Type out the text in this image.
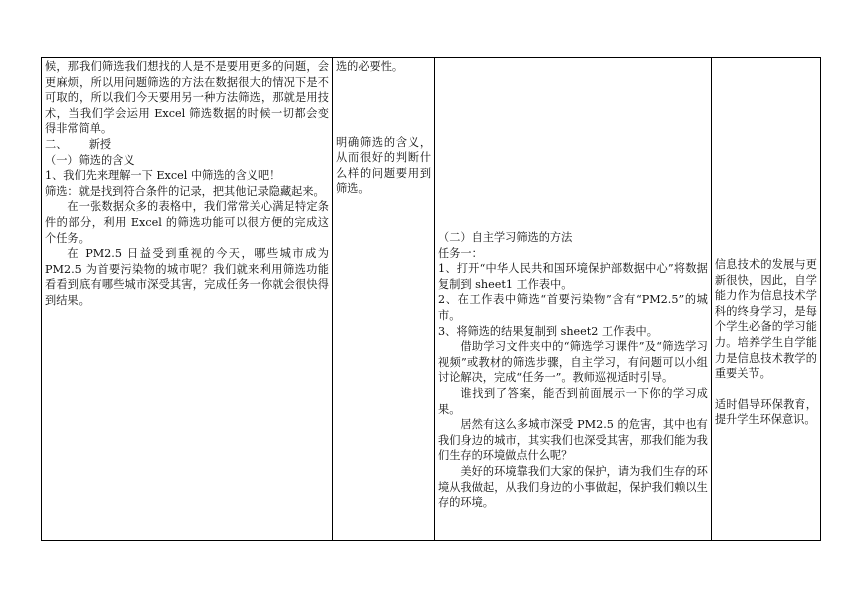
候，那我们筛选我们想找的人是不是要用更多的问题，会更麻烦，所以用问题筛选的方法在数据很大的情况下是不可取的，所以我们今天要用另一种方法筛选，那就是用技术，当我们学会运用 Excel 筛选数据的时候一切都会变得非常简单。
二、 新授
（一）筛选的含义
1、我们先来理解一下 Excel 中筛选的含义吧！
筛选：就是找到符合条件的记录，把其他记录隐藏起来。
在一张数据众多的表格中，我们常常关心满足特定条件的部分，利用 Excel 的筛选功能可以很方便的完成这个任务。
在 PM2.5 日益受到重视的今天，哪些城市成为 PM2.5 为首要污染物的城市呢？我们就来利用筛选功能看看到底有哪些城市深受其害，完成任务一你就会很快得到结果。

选的必要性。
明确筛选的含义，从而很好的判断什么样的问题要用到筛选。

（二）自主学习筛选的方法
任务一：
1、打开“中华人民共和国环境保护部数据中心”将数据复制到 sheet1 工作表中。
2、在工作表中筛选“首要污染物”含有“PM2.5”的城市。
3、将筛选的结果复制到 sheet2 工作表中。
借助学习文件夹中的“筛选学习课件”及“筛选学习视频”或教材的筛选步骤，自主学习，有问题可以小组讨论解决，完成“任务一”。教师巡视适时引导。
谁找到了答案，能否到前面展示一下你的学习成果。
居然有这么多城市深受 PM2.5 的危害，其中也有我们身边的城市，其实我们也深受其害，那我们能为我们生存的环境做点什么呢？
美好的环境靠我们大家的保护，请为我们生存的环境从我做起，从我们身边的小事做起，保护我们赖以生存的环境。

信息技术的发展与更新很快，因此，自学能力作为信息技术学科的终身学习，是每个学生必备的学习能力。培养学生自学能力是信息技术教学的重要关节。
适时倡导环保教育，提升学生环保意识。
